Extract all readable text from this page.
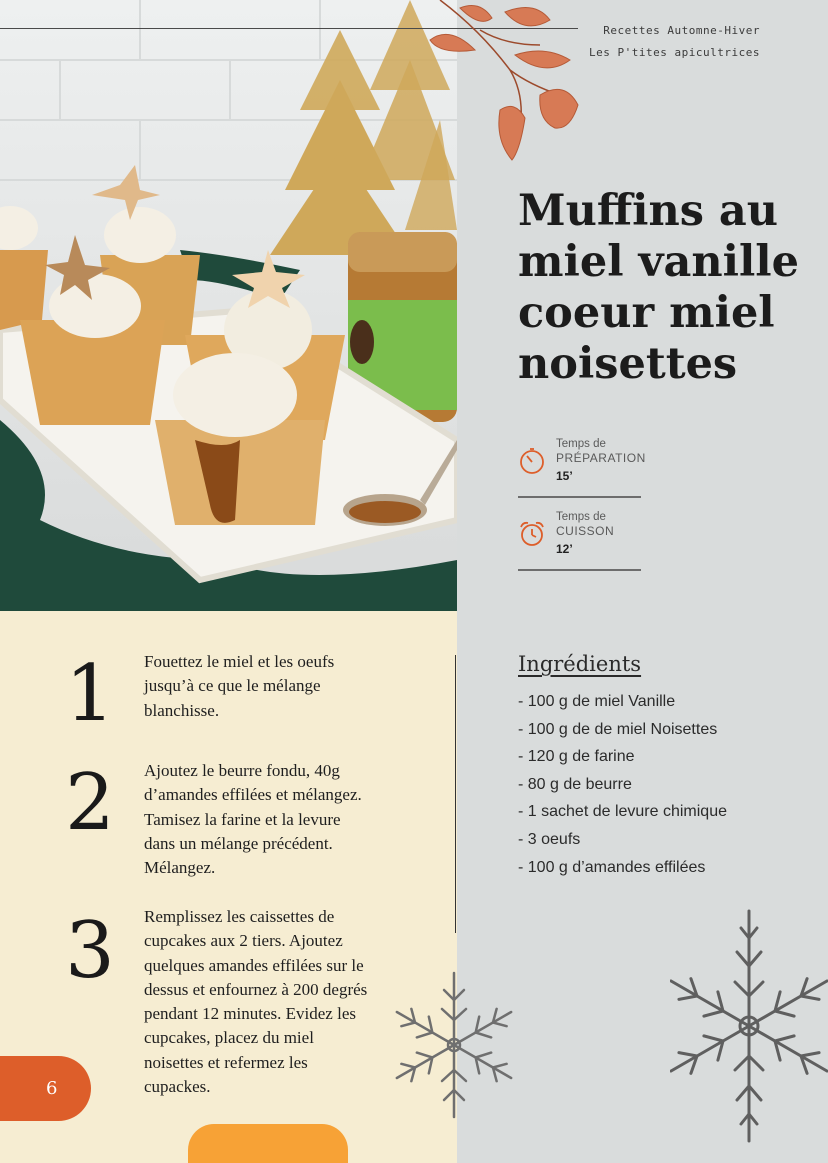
Recettes Automne-Hiver
Les P'tites apicultrices
Muffins au miel vanille coeur miel noisettes
Temps de
PRÉPARATION
15’
Temps de
CUISSON
12’
Ingrédients
- 100 g de miel Vanille
- 100 g de de miel Noisettes
- 120 g de farine
- 80 g de beurre
- 1 sachet de levure chimique
- 3 oeufs
- 100 g d’amandes effilées
1	Fouettez le miel et les oeufs jusqu’à ce que le mélange blanchisse.
2	Ajoutez le beurre fondu, 40g d’amandes effilées et mélangez. Tamisez la farine et la levure dans un mélange précédent. Mélangez.
3	Remplissez les caissettes de cupcakes aux 2 tiers. Ajoutez quelques amandes effilées sur le dessus et enfournez à 200 degrés pendant 12 minutes. Evidez les cupcakes, placez du miel noisettes et refermez les cupackes.
6
